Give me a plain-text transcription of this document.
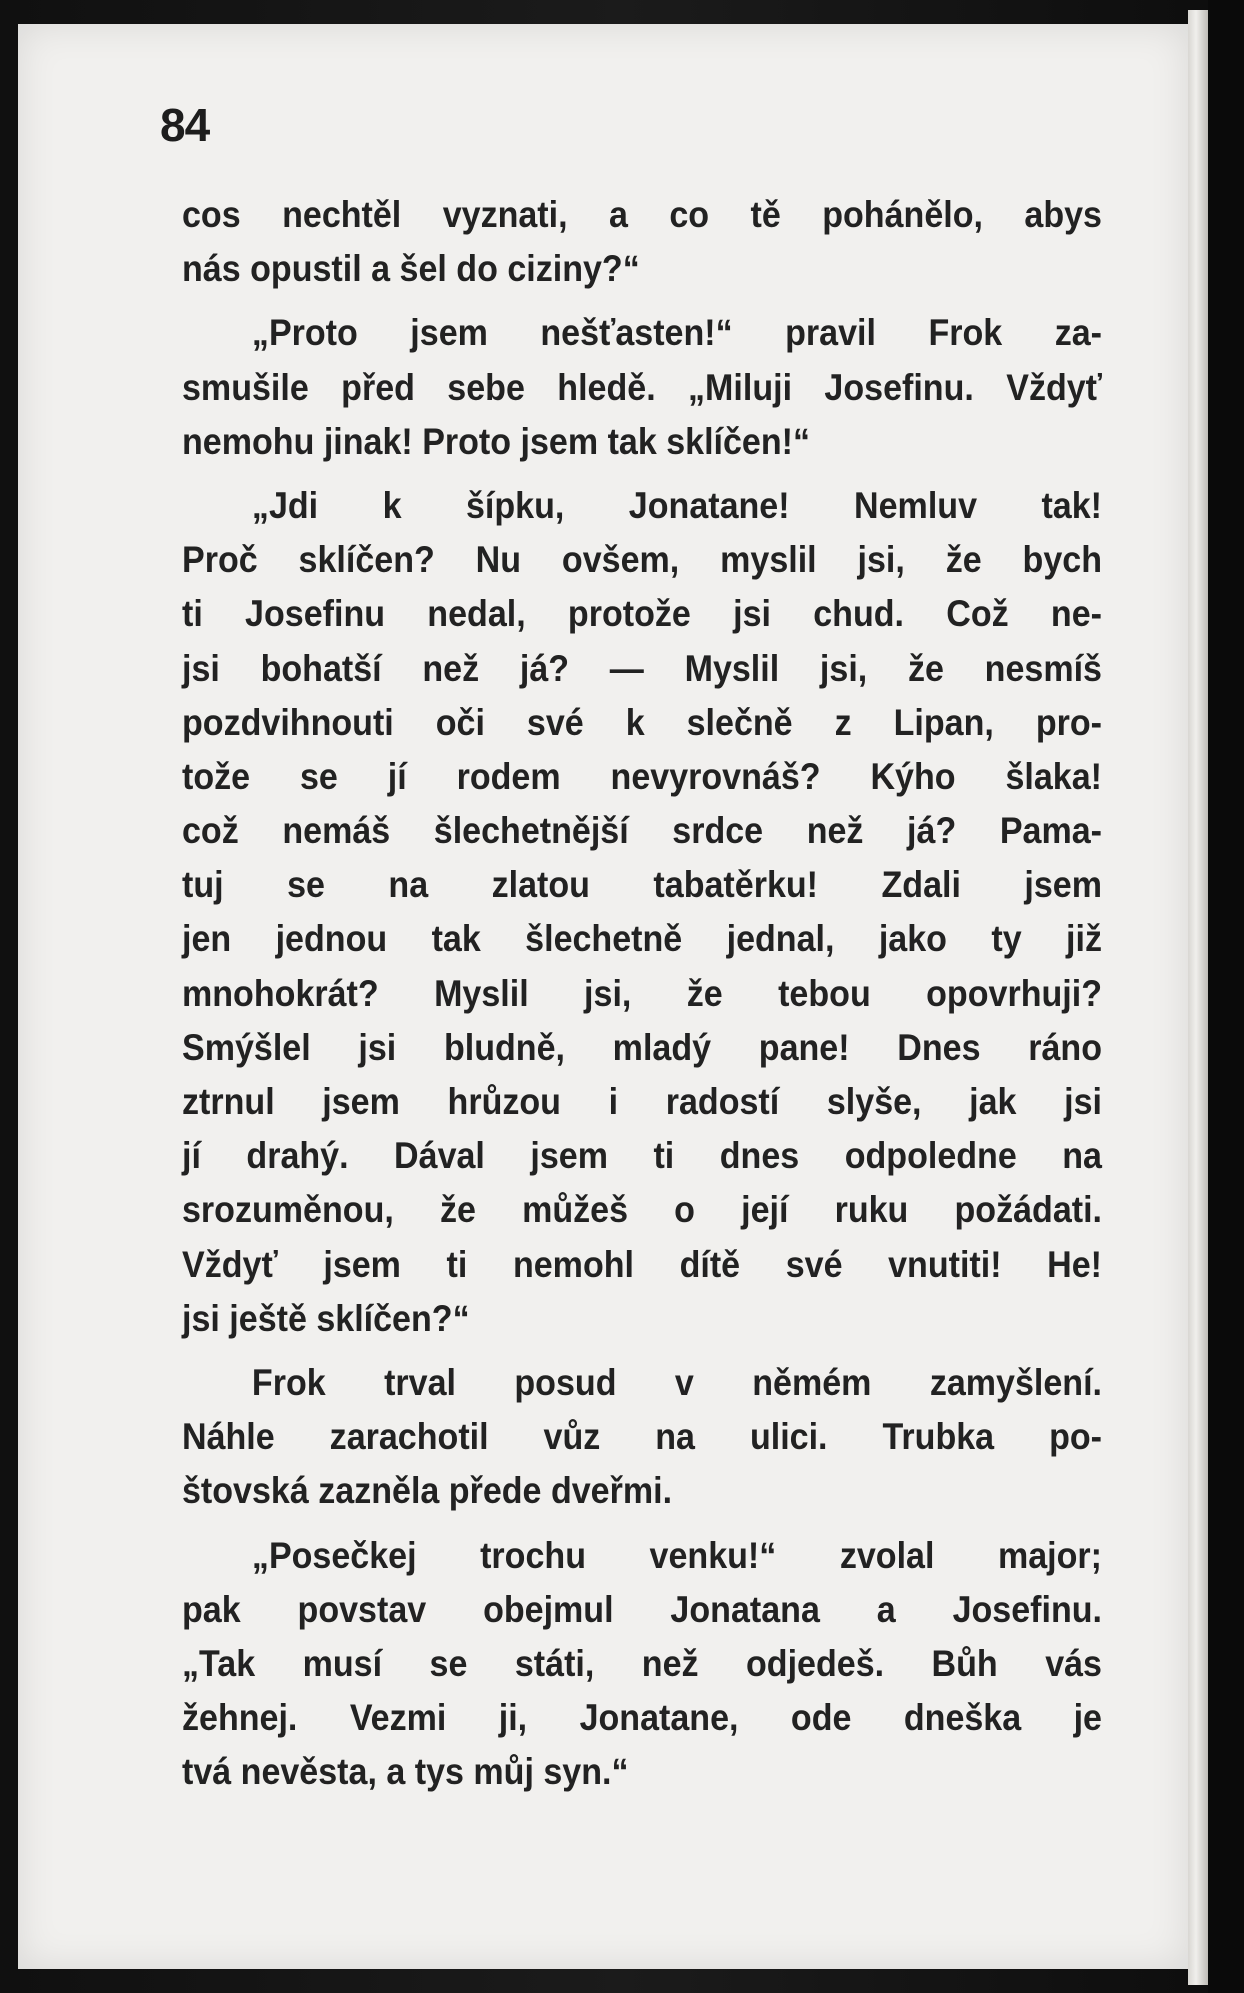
84
cos nechtěl vyznati, a co tě pohánělo, abys
nás opustil a šel do ciziny?“
„Proto jsem nešťasten!“ pravil Frok za-
smušile před sebe hledě. „Miluji Josefinu. Vždyť
nemohu jinak! Proto jsem tak sklíčen!“
„Jdi k šípku, Jonatane! Nemluv tak!
Proč sklíčen? Nu ovšem, myslil jsi, že bych
ti Josefinu nedal, protože jsi chud. Což ne-
jsi bohatší než já? — Myslil jsi, že nesmíš
pozdvihnouti oči své k slečně z Lipan, pro-
tože se jí rodem nevyrovnáš? Kýho šlaka!
což nemáš šlechetnější srdce než já? Pama-
tuj se na zlatou tabatěrku! Zdali jsem
jen jednou tak šlechetně jednal, jako ty již
mnohokrát? Myslil jsi, že tebou opovrhuji?
Smýšlel jsi bludně, mladý pane! Dnes ráno
ztrnul jsem hrůzou i radostí slyše, jak jsi
jí drahý. Dával jsem ti dnes odpoledne na
srozuměnou, že můžeš o její ruku požádati.
Vždyť jsem ti nemohl dítě své vnutiti! He!
jsi ještě sklíčen?“
Frok trval posud v němém zamyšlení.
Náhle zarachotil vůz na ulici. Trubka po-
štovská zazněla přede dveřmi.
„Posečkej trochu venku!“ zvolal major;
pak povstav obejmul Jonatana a Josefinu.
„Tak musí se státi, než odjedeš. Bůh vás
žehnej. Vezmi ji, Jonatane, ode dneška je
tvá nevěsta, a tys můj syn.“
